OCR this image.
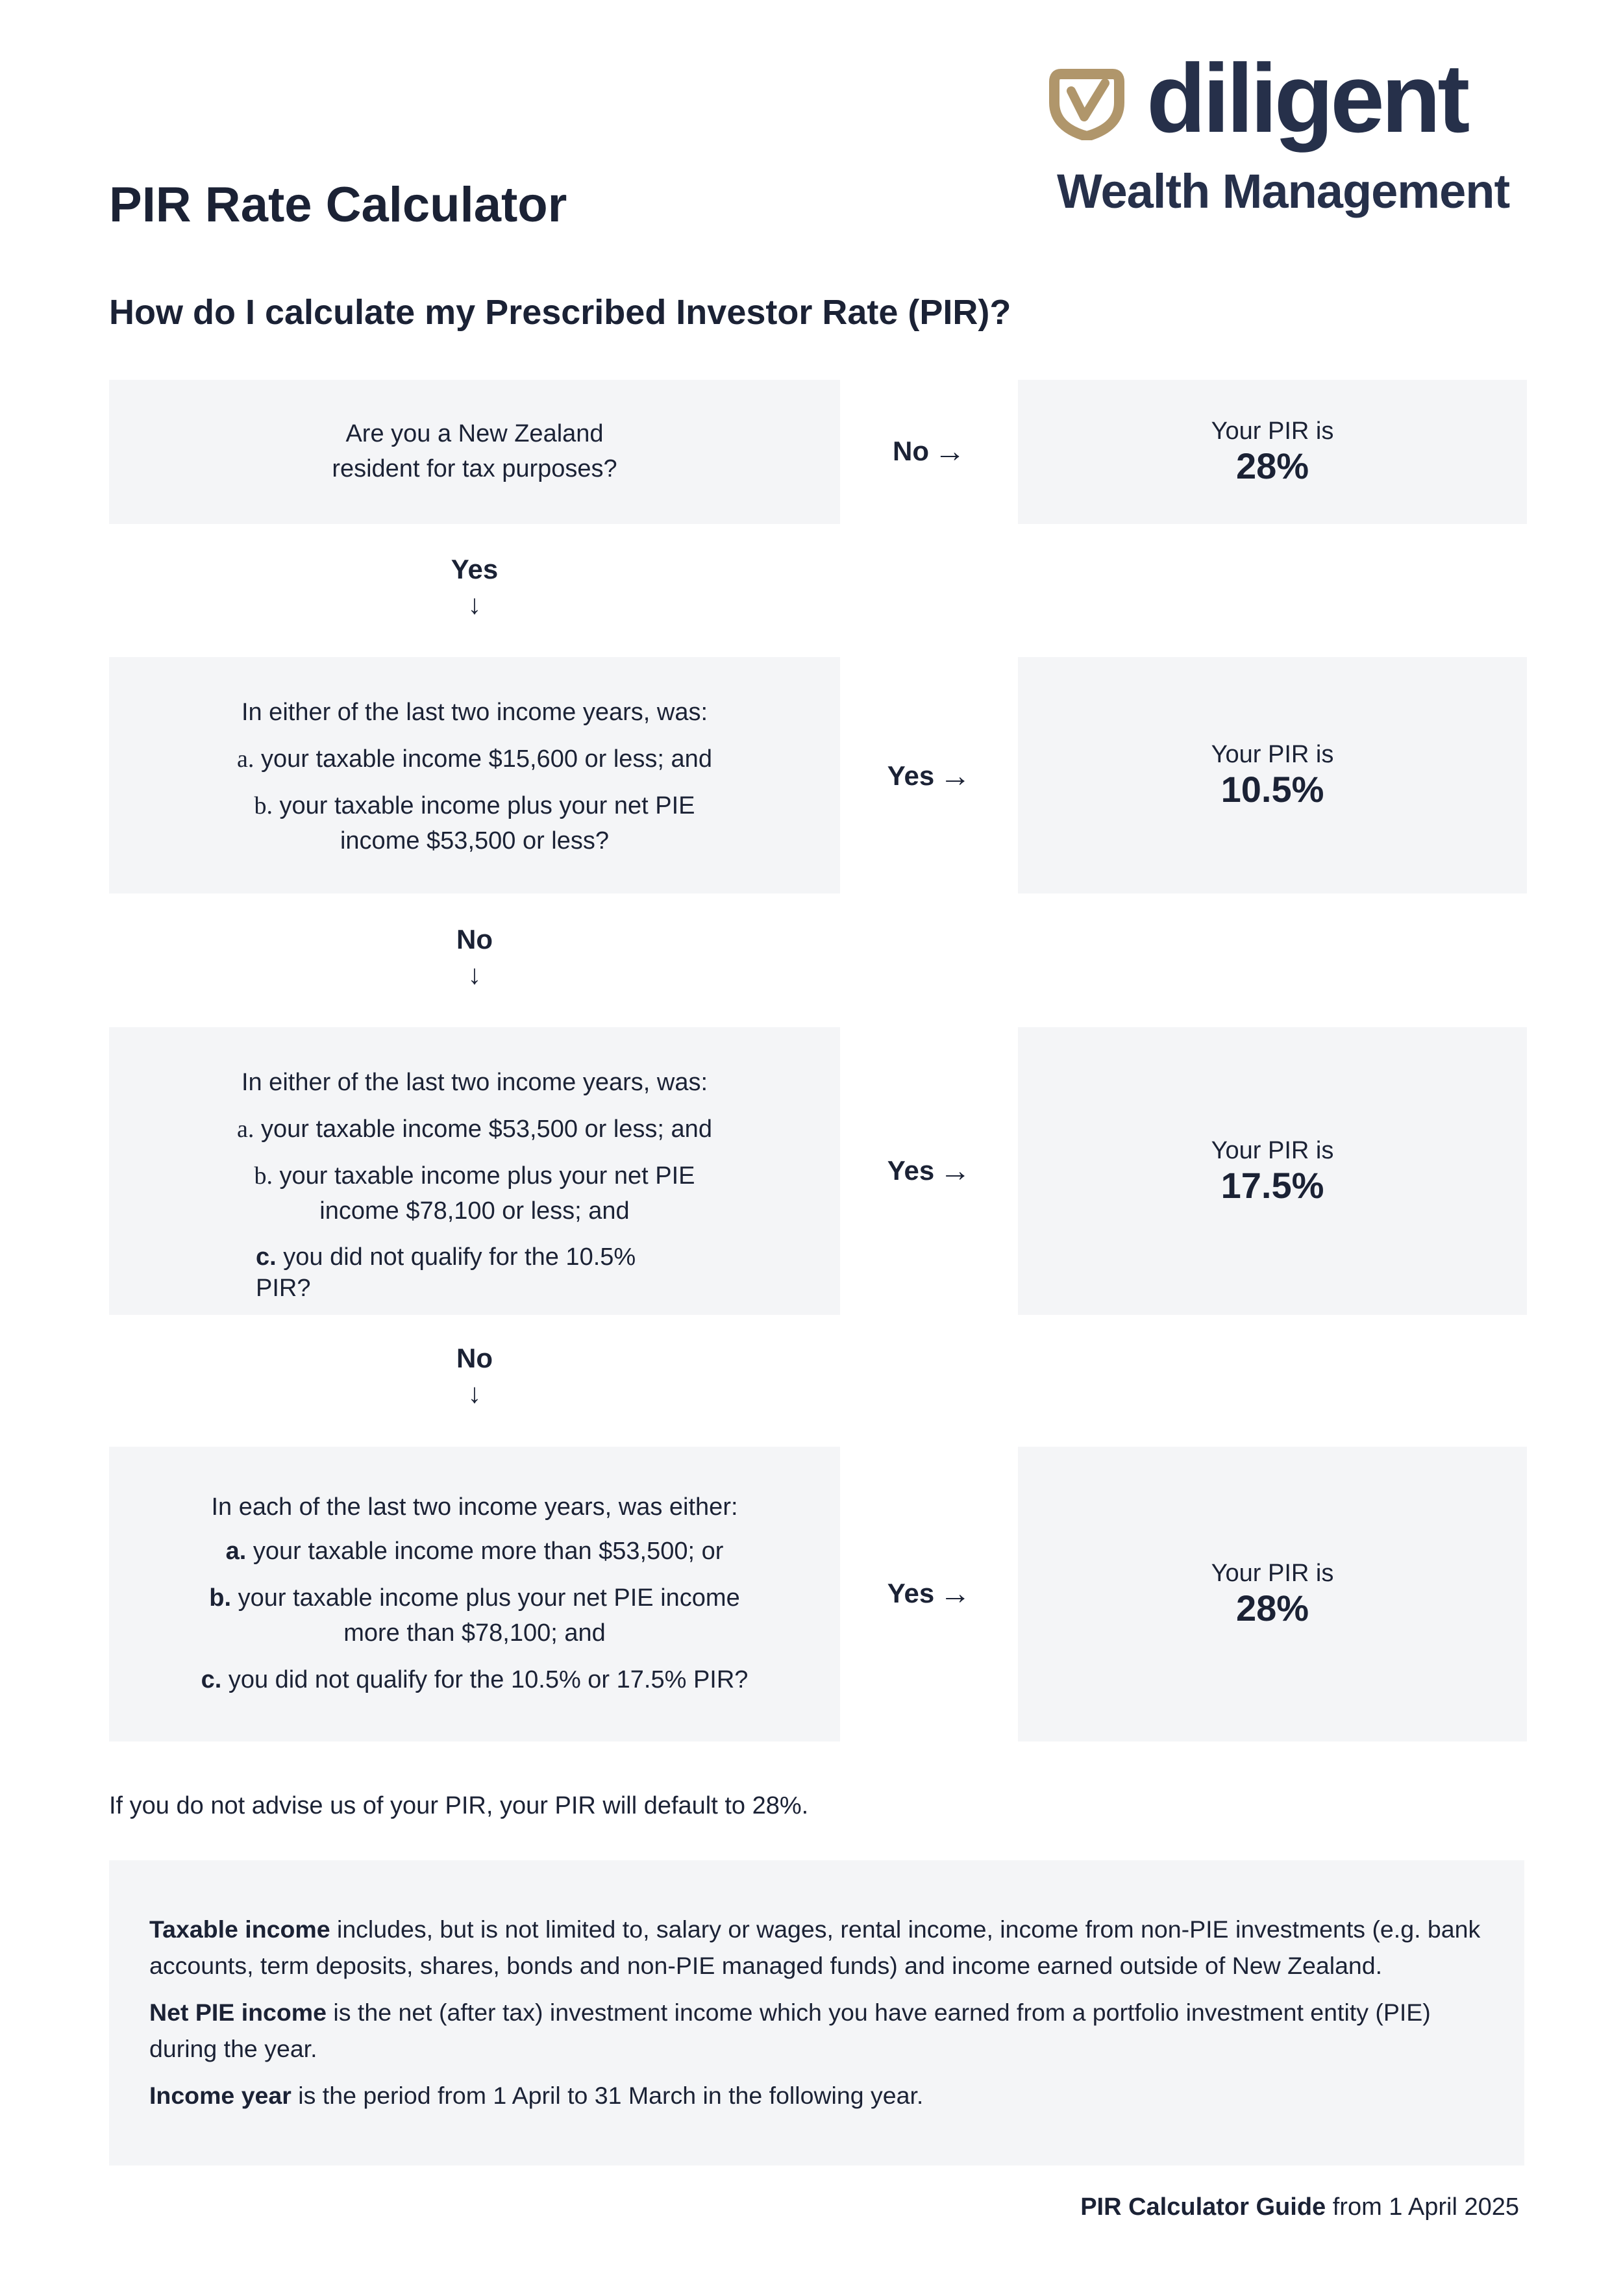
diligent
Wealth Management
PIR Rate Calculator
How do I calculate my Prescribed Investor Rate (PIR)?
Are you a New Zealand
resident for tax purposes?
No →
Your PIR is
28%
Yes
↓
In either of the last two income years, was:
a. your taxable income $15,600 or less; and
b. your taxable income plus your net PIE
income $53,500 or less?
Yes →
Your PIR is
10.5%
No
↓
In either of the last two income years, was:
a. your taxable income $53,500 or less; and
b. your taxable income plus your net PIE
income $78,100 or less; and
c. you did not qualify for the 10.5%
PIR?
Yes →
Your PIR is
17.5%
No
↓
In each of the last two income years, was either:
a. your taxable income more than $53,500; or
b. your taxable income plus your net PIE income
more than $78,100; and
c. you did not qualify for the 10.5% or 17.5% PIR?
Yes →
Your PIR is
28%

If you do not advise us of your PIR, your PIR will default to 28%.

Taxable income includes, but is not limited to, salary or wages, rental income, income from non-PIE investments (e.g. bank accounts, term deposits, shares, bonds and non-PIE managed funds) and income earned outside of New Zealand.

Net PIE income is the net (after tax) investment income which you have earned from a portfolio investment entity (PIE) during the year.

Income year is the period from 1 April to 31 March in the following year.

PIR Calculator Guide from 1 April 2025
